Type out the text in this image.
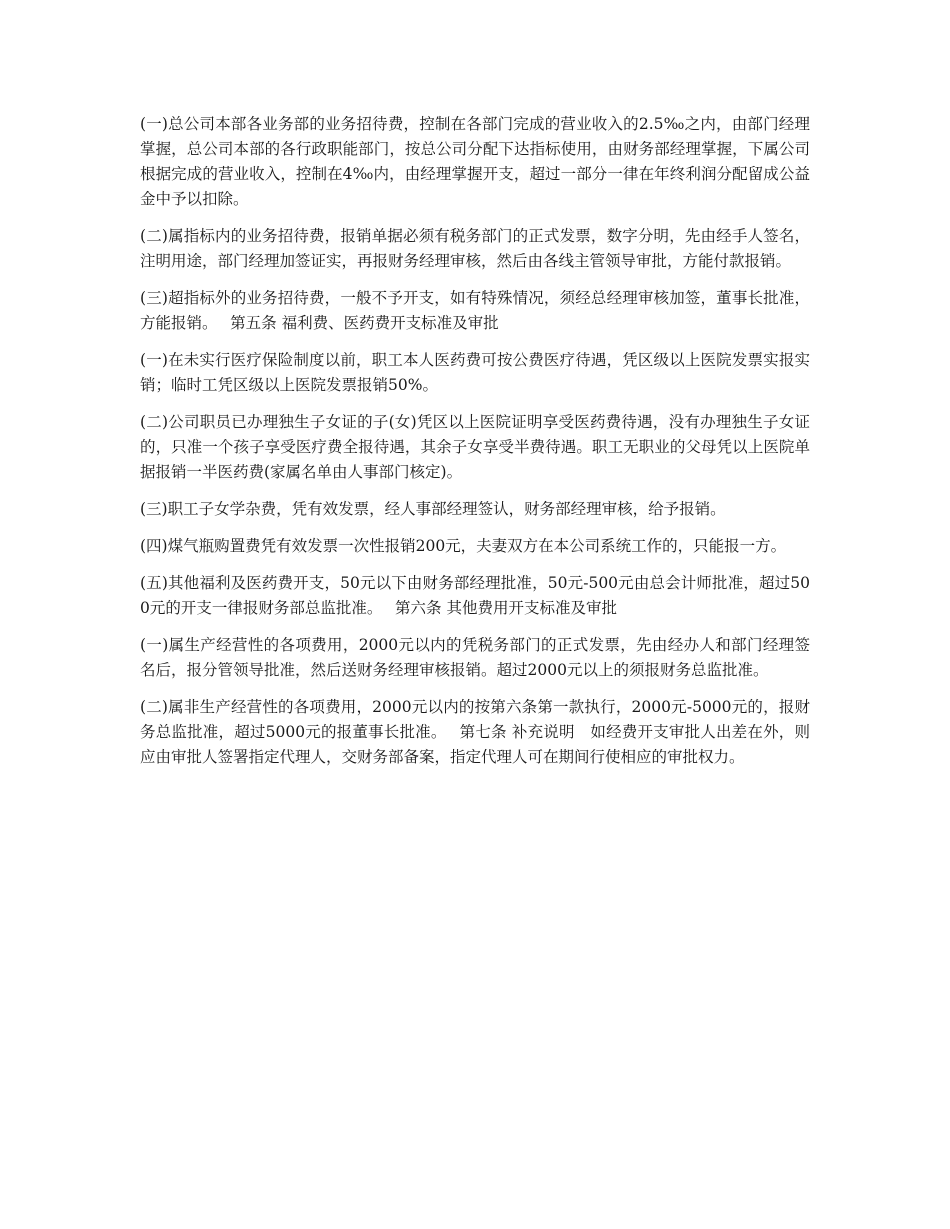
(一)总公司本部各业务部的业务招待费，控制在各部门完成的营业收入的2.5‰之内，由部门经理掌握，总公司本部的各行政职能部门，按总公司分配下达指标使用，由财务部经理掌握，下属公司根据完成的营业收入，控制在4‰内，由经理掌握开支，超过一部分一律在年终利润分配留成公益金中予以扣除。

(二)属指标内的业务招待费，报销单据必须有税务部门的正式发票，数字分明，先由经手人签名，注明用途，部门经理加签证实，再报财务经理审核，然后由各线主管领导审批，方能付款报销。

(三)超指标外的业务招待费，一般不予开支，如有特殊情况，须经总经理审核加签，董事长批准，方能报销。　 第五条 福利费、医药费开支标准及审批

(一)在未实行医疗保险制度以前，职工本人医药费可按公费医疗待遇，凭区级以上医院发票实报实销；临时工凭区级以上医院发票报销50%。

(二)公司职员已办理独生子女证的子(女)凭区以上医院证明享受医药费待遇，没有办理独生子女证的，只准一个孩子享受医疗费全报待遇，其余子女享受半费待遇。职工无职业的父母凭以上医院单据报销一半医药费(家属名单由人事部门核定)。

(三)职工子女学杂费，凭有效发票，经人事部经理签认，财务部经理审核，给予报销。

(四)煤气瓶购置费凭有效发票一次性报销200元，夫妻双方在本公司系统工作的，只能报一方。

(五)其他福利及医药费开支，50元以下由财务部经理批准，50元-500元由总会计师批准，超过500元的开支一律报财务部总监批准。　 第六条 其他费用开支标准及审批

(一)属生产经营性的各项费用，2000元以内的凭税务部门的正式发票，先由经办人和部门经理签名后，报分管领导批准，然后送财务经理审核报销。超过2000元以上的须报财务总监批准。

(二)属非生产经营性的各项费用，2000元以内的按第六条第一款执行，2000元-5000元的，报财务总监批准，超过5000元的报董事长批准。　 第七条 补充说明　如经费开支审批人出差在外，则应由审批人签署指定代理人，交财务部备案，指定代理人可在期间行使相应的审批权力。
